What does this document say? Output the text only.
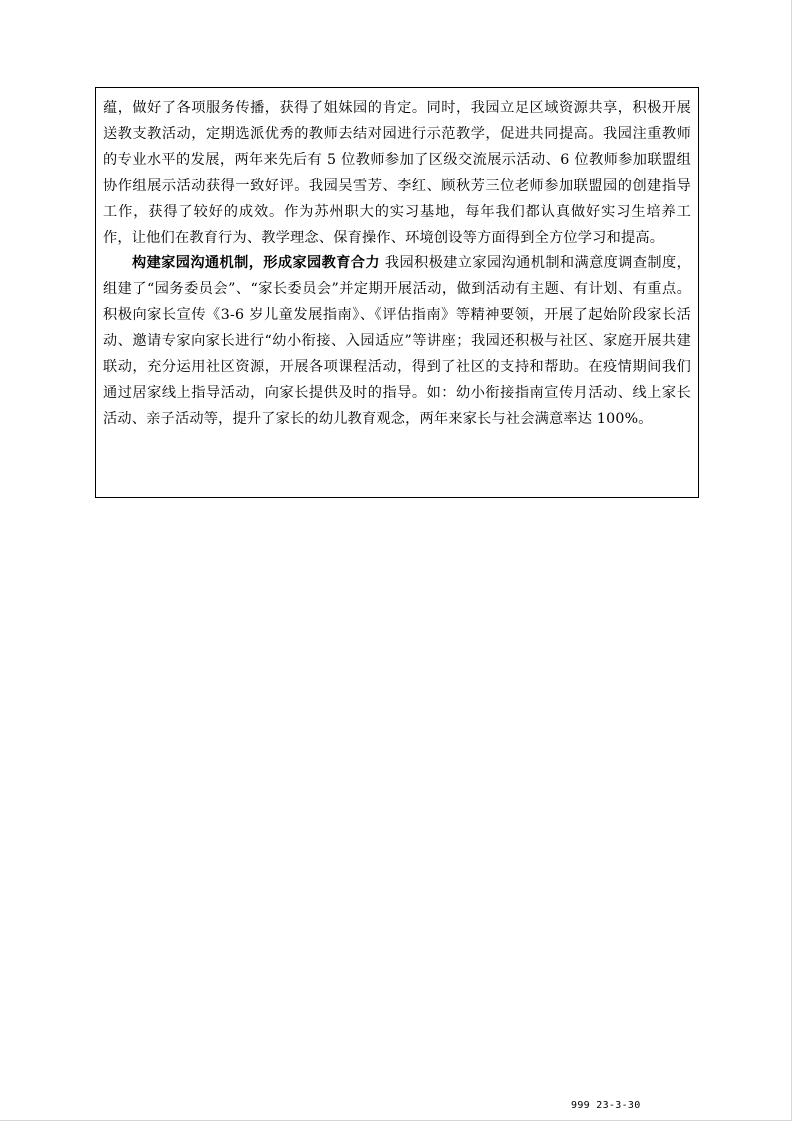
蕴，做好了各项服务传播，获得了姐妹园的肯定。同时，我园立足区域资源共享，积极开展送教支教活动，定期选派优秀的教师去结对园进行示范教学，促进共同提高。我园注重教师的专业水平的发展，两年来先后有 5 位教师参加了区级交流展示活动、6 位教师参加联盟组协作组展示活动获得一致好评。我园吴雪芳、李红、顾秋芳三位老师参加联盟园的创建指导工作，获得了较好的成效。作为苏州职大的实习基地，每年我们都认真做好实习生培养工作，让他们在教育行为、教学理念、保育操作、环境创设等方面得到全方位学习和提高。

构建家园沟通机制，形成家园教育合力 我园积极建立家园沟通机制和满意度调查制度，组建了“园务委员会”、“家长委员会”并定期开展活动，做到活动有主题、有计划、有重点。积极向家长宣传《3-6 岁儿童发展指南》、《评估指南》等精神要领，开展了起始阶段家长活动、邀请专家向家长进行“幼小衔接、入园适应”等讲座；我园还积极与社区、家庭开展共建联动，充分运用社区资源，开展各项课程活动，得到了社区的支持和帮助。在疫情期间我们通过居家线上指导活动，向家长提供及时的指导。如：幼小衔接指南宣传月活动、线上家长活动、亲子活动等，提升了家长的幼儿教育观念，两年来家长与社会满意率达 100%。

999 23-3-30
